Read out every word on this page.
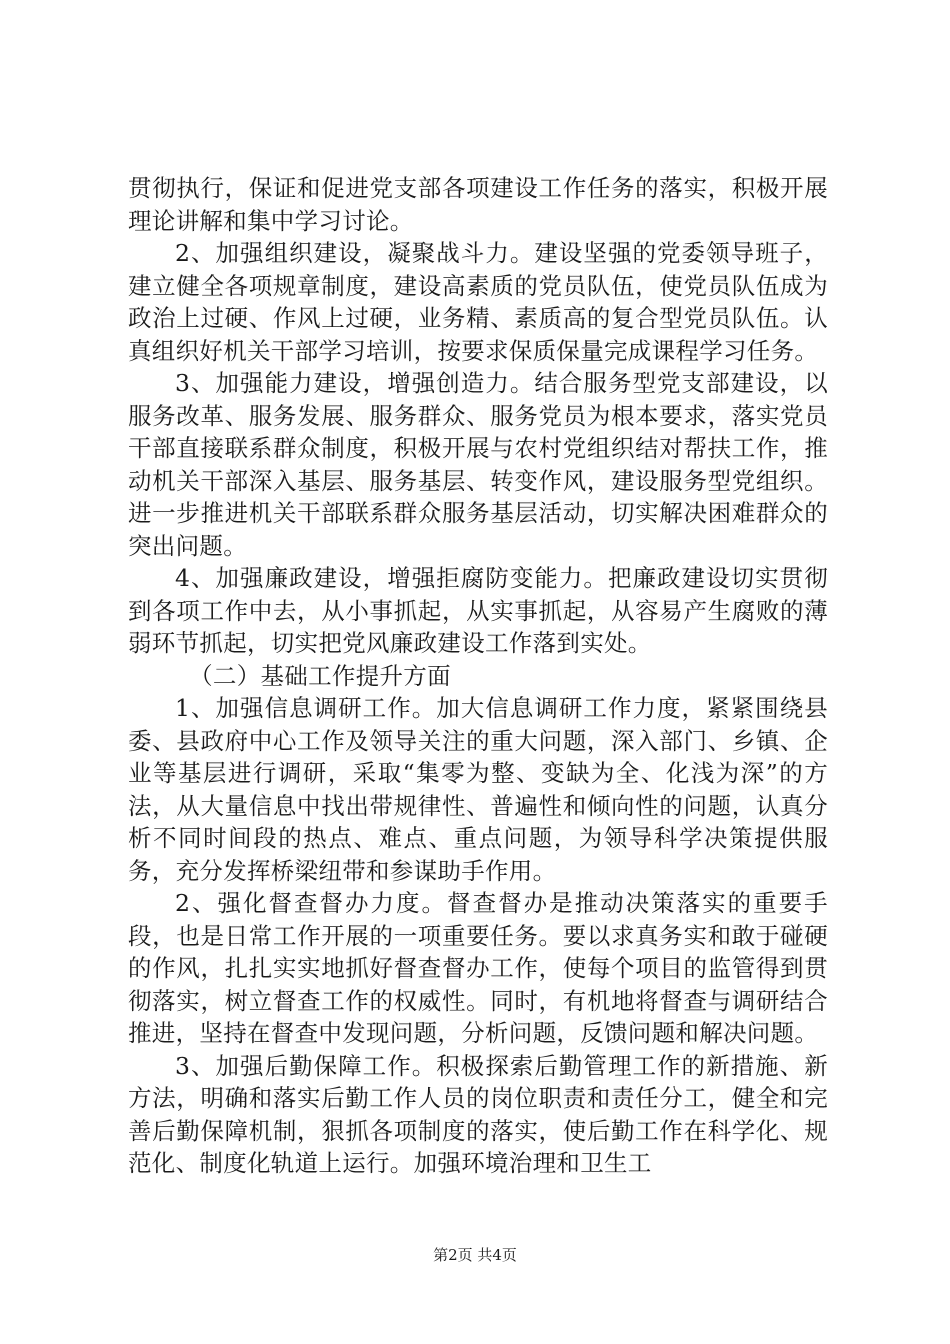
贯彻执行，保证和促进党支部各项建设工作任务的落实，积极开展理论讲解和集中学习讨论。

2、加强组织建设，凝聚战斗力。建设坚强的党委领导班子，建立健全各项规章制度，建设高素质的党员队伍，使党员队伍成为政治上过硬、作风上过硬，业务精、素质高的复合型党员队伍。认真组织好机关干部学习培训，按要求保质保量完成课程学习任务。

3、加强能力建设，增强创造力。结合服务型党支部建设，以服务改革、服务发展、服务群众、服务党员为根本要求，落实党员干部直接联系群众制度，积极开展与农村党组织结对帮扶工作，推动机关干部深入基层、服务基层、转变作风，建设服务型党组织。进一步推进机关干部联系群众服务基层活动，切实解决困难群众的突出问题。

4、加强廉政建设，增强拒腐防变能力。把廉政建设切实贯彻到各项工作中去，从小事抓起，从实事抓起，从容易产生腐败的薄弱环节抓起，切实把党风廉政建设工作落到实处。

（二）基础工作提升方面

1、加强信息调研工作。加大信息调研工作力度，紧紧围绕县委、县政府中心工作及领导关注的重大问题，深入部门、乡镇、企业等基层进行调研，采取“集零为整、变缺为全、化浅为深”的方法，从大量信息中找出带规律性、普遍性和倾向性的问题，认真分析不同时间段的热点、难点、重点问题，为领导科学决策提供服务，充分发挥桥梁纽带和参谋助手作用。

2、强化督查督办力度。督查督办是推动决策落实的重要手段，也是日常工作开展的一项重要任务。要以求真务实和敢于碰硬的作风，扎扎实实地抓好督查督办工作，使每个项目的监管得到贯彻落实，树立督查工作的权威性。同时，有机地将督查与调研结合推进，坚持在督查中发现问题，分析问题，反馈问题和解决问题。

3、加强后勤保障工作。积极探索后勤管理工作的新措施、新方法，明确和落实后勤工作人员的岗位职责和责任分工，健全和完善后勤保障机制，狠抓各项制度的落实，使后勤工作在科学化、规范化、制度化轨道上运行。加强环境治理和卫生工

第2页 共4页
